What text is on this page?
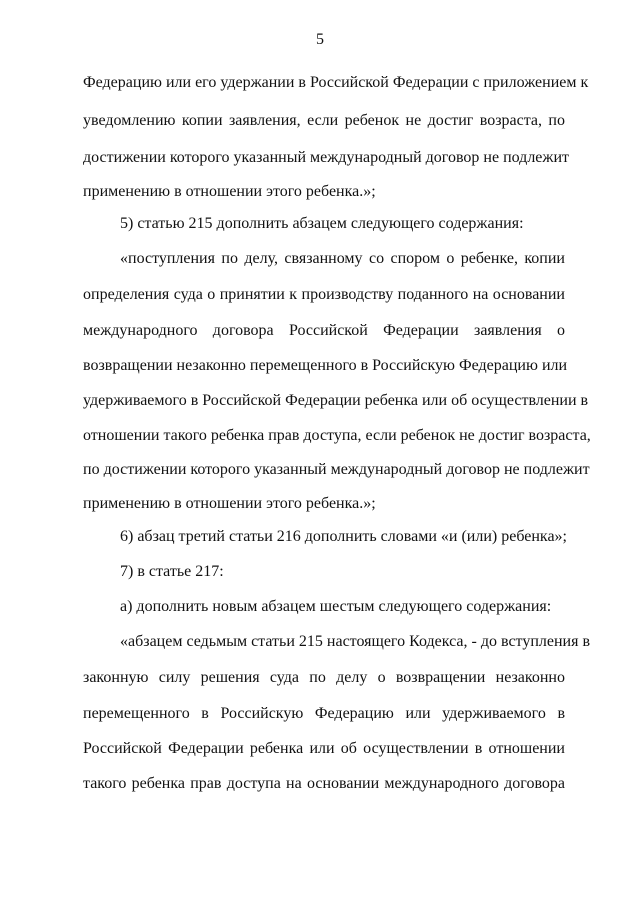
5
Федерацию или его удержании в Российской Федерации с приложением к
уведомлению копии заявления, если ребенок не достиг возраста, по
достижении которого указанный международный договор не подлежит
применению в отношении этого ребенка.»;
5) статью 215 дополнить абзацем следующего содержания:
«поступления по делу, связанному со спором о ребенке, копии
определения суда о принятии к производству поданного на основании
международного договора Российской Федерации заявления о
возвращении незаконно перемещенного в Российскую Федерацию или
удерживаемого в Российской Федерации ребенка или об осуществлении в
отношении такого ребенка прав доступа, если ребенок не достиг возраста,
по достижении которого указанный международный договор не подлежит
применению в отношении этого ребенка.»;
6) абзац третий статьи 216 дополнить словами «и (или) ребенка»;
7) в статье 217:
а) дополнить новым абзацем шестым следующего содержания:
«абзацем седьмым статьи 215 настоящего Кодекса, - до вступления в
законную силу решения суда по делу о возвращении незаконно
перемещенного в Российскую Федерацию или удерживаемого в
Российской Федерации ребенка или об осуществлении в отношении
такого ребенка прав доступа на основании международного договора
